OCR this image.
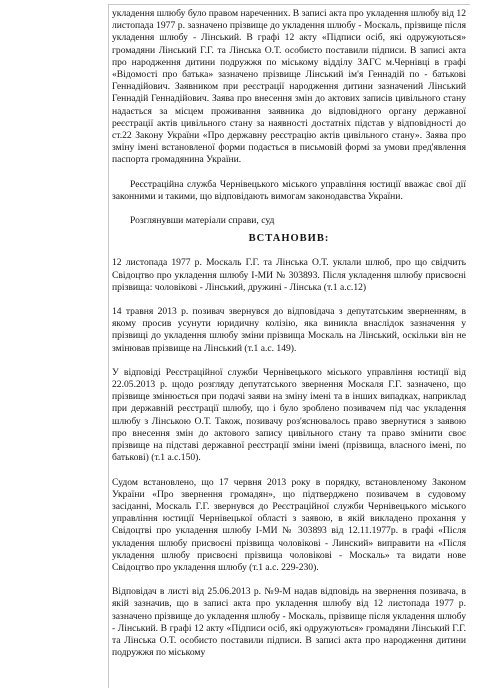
укладення шлюбу було правом нареченних. В записі акта про укладення шлюбу від 12 листопада 1977 р. зазначено прізвище до укладення шлюбу - Москаль, прізвище після укладення шлюбу - Лінський. В графі 12 акту «Підписи осіб, які одружуються» громадяни Лінський Г.Г. та Лінська О.Т. особисто поставили підписи. В записі акта про народження дитини подружжя по міському відділу ЗАГС м.Чернівці в графі «Відомості про батька» зазначено прізвище Лінський ім'я Геннадій по - батькові Геннадійович. Заявником при реєстрації народження дитини зазначений Лінський Геннадій Геннадійович. Заява про внесення змін до актових записів цивільного стану надається за місцем проживання заявника до відповідного органу державної реєстрації актів цивільного стану за наявності достатніх підстав у відповідності до ст.22 Закону України «Про державну реєстрацію актів цивільного стану». Заява про зміну імені встановленої форми подається в письмовій формі за умови пред'явлення паспорта громадянина України.

Реєстраційна служба Чернівецького міського управління юстиції вважає свої дії законними и такими, що відповідають вимогам законодавства України.

Розглянувши матеріали справи, суд

ВСТАНОВИВ:

12 листопада 1977 р. Москаль Г.Г. та Лінська О.Т. уклали шлюб, про що свідчить Свідоцтво про укладення шлюбу І-МИ № 303893. Після укладення шлюбу присвоєні прізвища: чоловікові - Лінський, дружині - Лінська (т.1 а.с.12)

14 травня 2013 р. позивач звернувся до відповідача з депутатським зверненням, в якому просив усунути юридичну колізію, яка виникла внаслідок зазначення у прізвищі до укладення шлюбу зміни прізвища Москаль на Лінський, оскільки він не змінював прізвище на Лінський (т.1 а.с. 149).

У відповіді Реєстраційної служби Чернівецького міського управління юстиції від 22.05.2013 р. щодо розгляду депутатського звернення Москаля Г.Г. зазначено, що прізвище змінюється при подачі заяви на зміну імені та в інших випадках, наприклад при державній реєстрації шлюбу, що і було зроблено позивачем під час укладення шлюбу з Лінською О.Т. Також, позивачу роз'яснювалось право звернутися з заявою про внесення змін до актового запису цивільного стану та право змінити своє прізвище на підставі державної реєстрації зміни імені (прізвища, власного імені, по батькові) (т.1 а.с.150).

Судом встановлено, що 17 червня 2013 року в порядку, встановленому Законом України «Про звернення громадян», що підтверджено позивачем в судовому засіданні, Москаль Г.Г. звернувся до Реєстраційної служби Чернівецького міського управління юстиції Чернівецької області з заявою, в якій викладено прохання у Свідоцтві про укладення шлюбу І-МИ № 303893 від 12.11.1977р. в графі «Після укладення шлюбу присвоєні прізвища чоловікові - Линский» виправити на «Після укладення шлюбу присвоєні прізвища чоловікові - Москаль» та видати нове Свідоцтво про укладення шлюбу (т.1 а.с. 229-230).

Відповідач в листі від 25.06.2013 р. №9-М надав відповідь на звернення позивача, в якій зазначив, що в записі акта про укладення шлюбу від 12 листопада 1977 р. зазначено прізвище до укладення шлюбу - Москаль, прізвище після укладення шлюбу - Лінський. В графі 12 акту «Підписи осіб, які одружуються» громадяни Лінський Г.Г. та Лінська О.Т. особисто поставили підписи. В записі акта про народження дитини подружжя по міському
